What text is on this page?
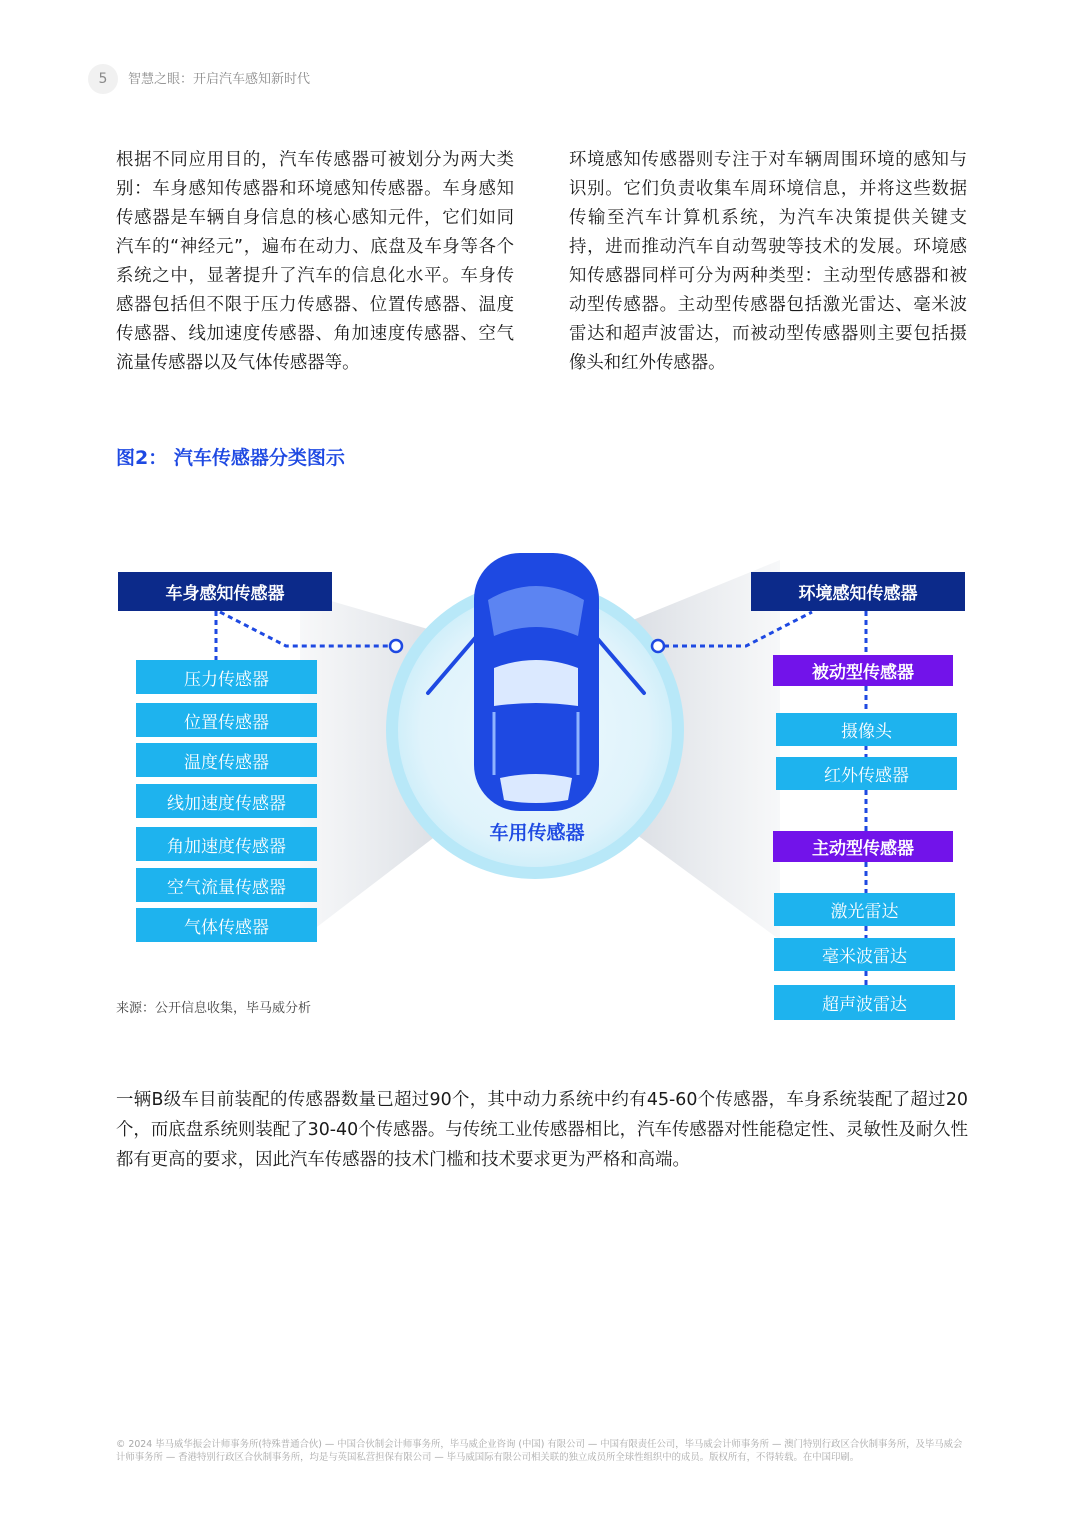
5	智慧之眼：开启汽车感知新时代

根据不同应用目的，汽车传感器可被划分为两大类别：车身感知传感器和环境感知传感器。车身感知传感器是车辆自身信息的核心感知元件，它们如同汽车的“神经元”，遍布在动力、底盘及车身等各个系统之中，显著提升了汽车的信息化水平。车身传感器包括但不限于压力传感器、位置传感器、温度传感器、线加速度传感器、角加速度传感器、空气流量传感器以及气体传感器等。

环境感知传感器则专注于对车辆周围环境的感知与识别。它们负责收集车周环境信息，并将这些数据传输至汽车计算机系统，为汽车决策提供关键支持，进而推动汽车自动驾驶等技术的发展。环境感知传感器同样可分为两种类型：主动型传感器和被动型传感器。主动型传感器包括激光雷达、毫米波雷达和超声波雷达，而被动型传感器则主要包括摄像头和红外传感器。

图2： 汽车传感器分类图示
车用传感器
车身感知传感器
压力传感器
位置传感器
温度传感器
线加速度传感器
角加速度传感器
空气流量传感器
气体传感器
环境感知传感器
被动型传感器
摄像头
红外传感器
主动型传感器
激光雷达
毫米波雷达
超声波雷达
来源：公开信息收集，毕马威分析

一辆B级车目前装配的传感器数量已超过90个，其中动力系统中约有45-60个传感器，车身系统装配了超过20个，而底盘系统则装配了30-40个传感器。与传统工业传感器相比，汽车传感器对性能稳定性、灵敏性及耐久性都有更高的要求，因此汽车传感器的技术门槛和技术要求更为严格和高端。

© 2024 毕马威华振会计师事务所(特殊普通合伙) — 中国合伙制会计师事务所，毕马威企业咨询 (中国) 有限公司 — 中国有限责任公司，毕马威会计师事务所 — 澳门特别行政区合伙制事务所，及毕马威会计师事务所 — 香港特别行政区合伙制事务所，均是与英国私营担保有限公司 — 毕马威国际有限公司相关联的独立成员所全球性组织中的成员。版权所有，不得转载。在中国印刷。
